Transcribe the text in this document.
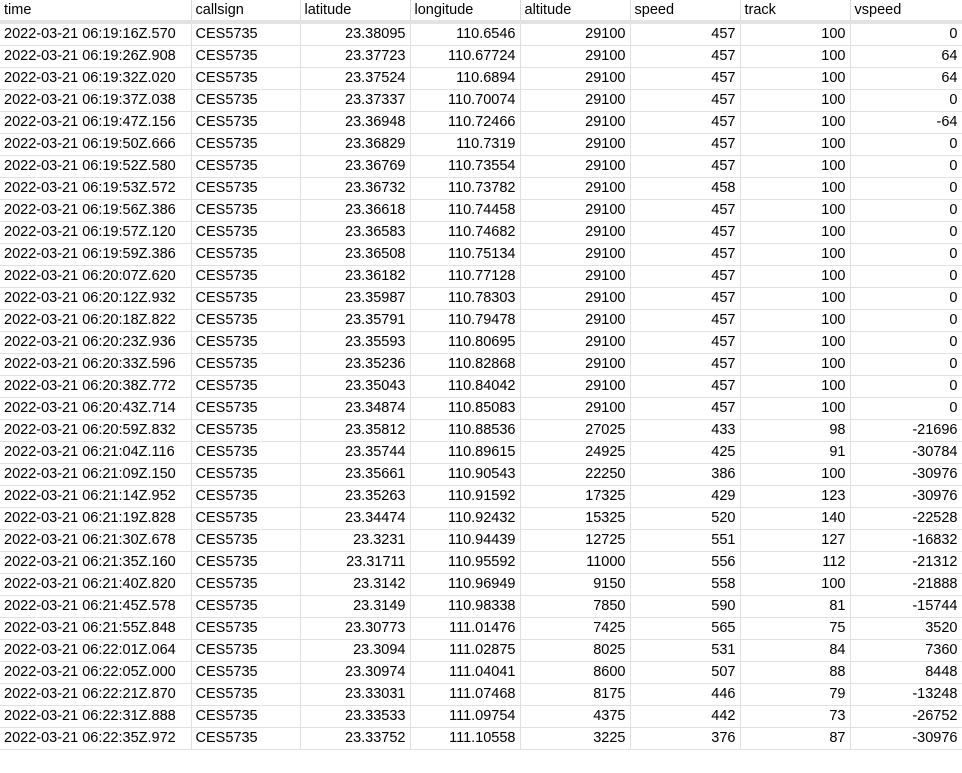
time	callsign	latitude	longitude	altitude	speed	track	vspeed
2022-03-21 06:19:16Z.570	CES5735	23.38095	110.6546	29100	457	100	0
2022-03-21 06:19:26Z.908	CES5735	23.37723	110.67724	29100	457	100	64
2022-03-21 06:19:32Z.020	CES5735	23.37524	110.6894	29100	457	100	64
2022-03-21 06:19:37Z.038	CES5735	23.37337	110.70074	29100	457	100	0
2022-03-21 06:19:47Z.156	CES5735	23.36948	110.72466	29100	457	100	-64
2022-03-21 06:19:50Z.666	CES5735	23.36829	110.7319	29100	457	100	0
2022-03-21 06:19:52Z.580	CES5735	23.36769	110.73554	29100	457	100	0
2022-03-21 06:19:53Z.572	CES5735	23.36732	110.73782	29100	458	100	0
2022-03-21 06:19:56Z.386	CES5735	23.36618	110.74458	29100	457	100	0
2022-03-21 06:19:57Z.120	CES5735	23.36583	110.74682	29100	457	100	0
2022-03-21 06:19:59Z.386	CES5735	23.36508	110.75134	29100	457	100	0
2022-03-21 06:20:07Z.620	CES5735	23.36182	110.77128	29100	457	100	0
2022-03-21 06:20:12Z.932	CES5735	23.35987	110.78303	29100	457	100	0
2022-03-21 06:20:18Z.822	CES5735	23.35791	110.79478	29100	457	100	0
2022-03-21 06:20:23Z.936	CES5735	23.35593	110.80695	29100	457	100	0
2022-03-21 06:20:33Z.596	CES5735	23.35236	110.82868	29100	457	100	0
2022-03-21 06:20:38Z.772	CES5735	23.35043	110.84042	29100	457	100	0
2022-03-21 06:20:43Z.714	CES5735	23.34874	110.85083	29100	457	100	0
2022-03-21 06:20:59Z.832	CES5735	23.35812	110.88536	27025	433	98	-21696
2022-03-21 06:21:04Z.116	CES5735	23.35744	110.89615	24925	425	91	-30784
2022-03-21 06:21:09Z.150	CES5735	23.35661	110.90543	22250	386	100	-30976
2022-03-21 06:21:14Z.952	CES5735	23.35263	110.91592	17325	429	123	-30976
2022-03-21 06:21:19Z.828	CES5735	23.34474	110.92432	15325	520	140	-22528
2022-03-21 06:21:30Z.678	CES5735	23.3231	110.94439	12725	551	127	-16832
2022-03-21 06:21:35Z.160	CES5735	23.31711	110.95592	11000	556	112	-21312
2022-03-21 06:21:40Z.820	CES5735	23.3142	110.96949	9150	558	100	-21888
2022-03-21 06:21:45Z.578	CES5735	23.3149	110.98338	7850	590	81	-15744
2022-03-21 06:21:55Z.848	CES5735	23.30773	111.01476	7425	565	75	3520
2022-03-21 06:22:01Z.064	CES5735	23.3094	111.02875	8025	531	84	7360
2022-03-21 06:22:05Z.000	CES5735	23.30974	111.04041	8600	507	88	8448
2022-03-21 06:22:21Z.870	CES5735	23.33031	111.07468	8175	446	79	-13248
2022-03-21 06:22:31Z.888	CES5735	23.33533	111.09754	4375	442	73	-26752
2022-03-21 06:22:35Z.972	CES5735	23.33752	111.10558	3225	376	87	-30976
